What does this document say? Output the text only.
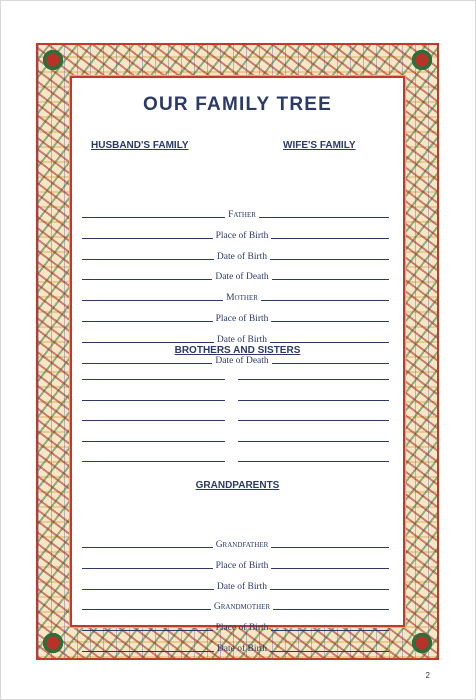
OUR FAMILY TREE
HUSBAND'S FAMILY	WIFE'S FAMILY
Father
Place of Birth
Date of Birth
Date of Death
Mother
Place of Birth
Date of Birth
Date of Death
BROTHERS AND SISTERS
GRANDPARENTS
Grandfather
Place of Birth
Date of Birth
Grandmother
Place of Birth
Date of Birth
2
